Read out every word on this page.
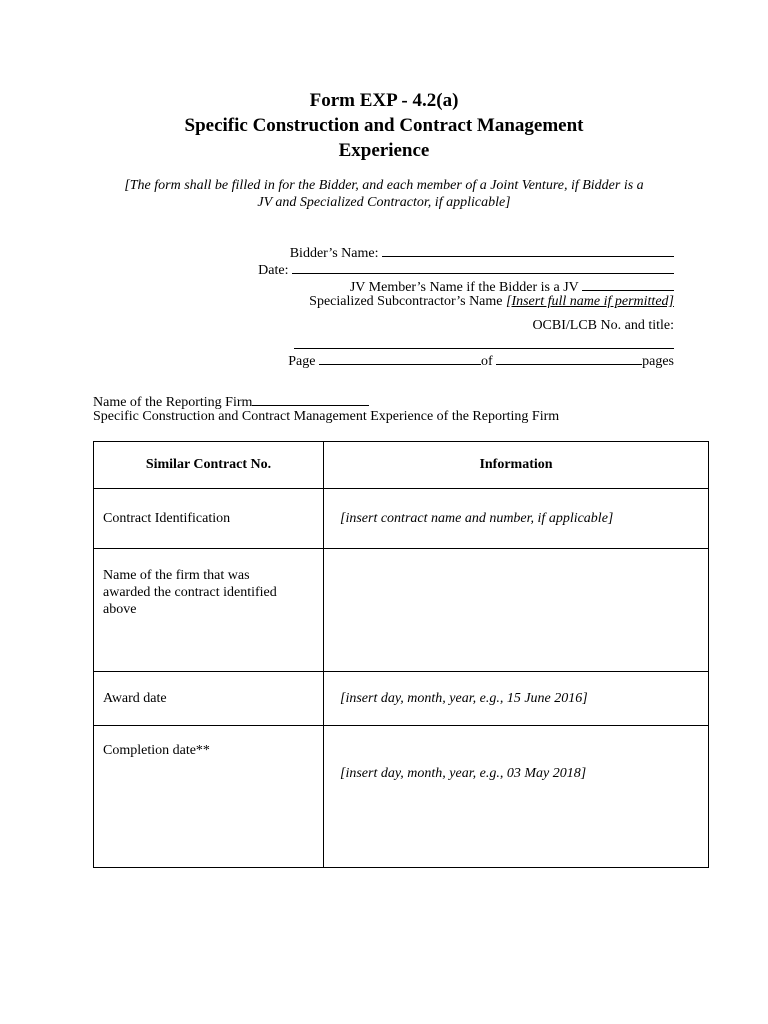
Form EXP - 4.2(a)
Specific Construction and Contract Management
Experience
[The form shall be filled in for the Bidder, and each member of a Joint Venture, if Bidder is a
JV and Specialized Contractor, if applicable]
Bidder’s Name:
Date:
JV Member’s Name if the Bidder is a JV
Specialized Subcontractor’s Name [Insert full name if permitted]
OCBI/LCB No. and title:
Page	of	pages
Name of the Reporting Firm
Specific Construction and Contract Management Experience of the Reporting Firm
Similar Contract No.	Information
Contract Identification	[insert contract name and number, if applicable]

Name of the firm that was
awarded the contract identified
above	

Award date	[insert day, month, year, e.g., 15 June 2016]
Completion date**	[insert day, month, year, e.g., 03 May 2018]
